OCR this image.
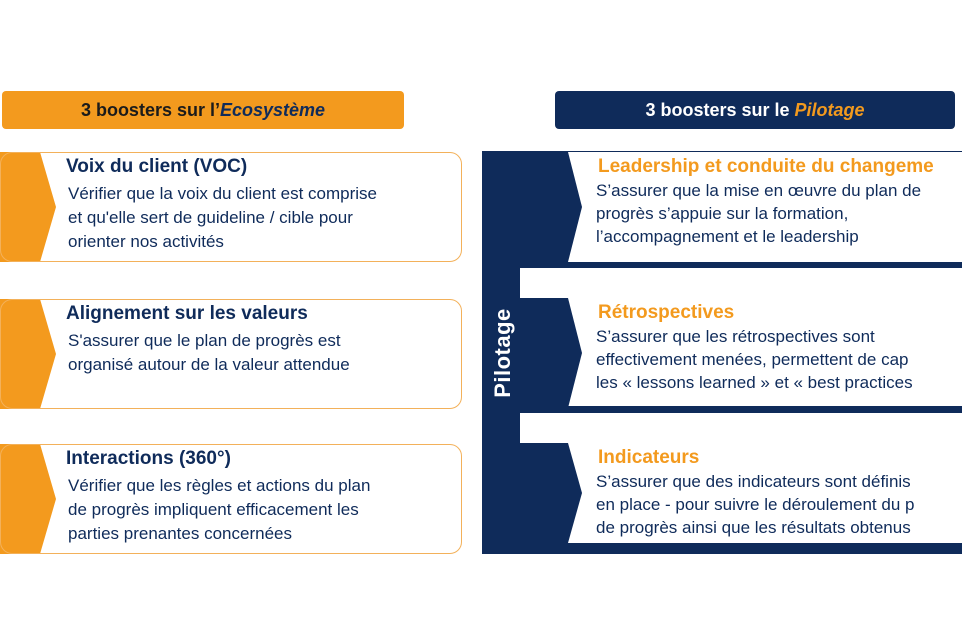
3 boosters sur l’ Ecosystème	3 boosters sur le Pilotage
Voix du client (VOC)
Vérifier que la voix du client est comprise
et qu'elle sert de guideline / cible pour
orienter nos activités
Alignement sur les valeurs
S'assurer que le plan de progrès est
organisé autour de la valeur attendue
Interactions (360°)
Vérifier que les règles et actions du plan
de progrès impliquent efficacement les
parties prenantes concernées
Pilotage
Leadership et conduite du changeme
S’assurer que la mise en œuvre du plan de
progrès s’appuie sur la formation,
l’accompagnement et le leadership
Rétrospectives
S’assurer que les rétrospectives sont
effectivement menées, permettent de cap
les « lessons learned » et « best practices
Indicateurs
S’assurer que des indicateurs sont définis
en place - pour suivre le déroulement du p
de progrès ainsi que les résultats obtenus
